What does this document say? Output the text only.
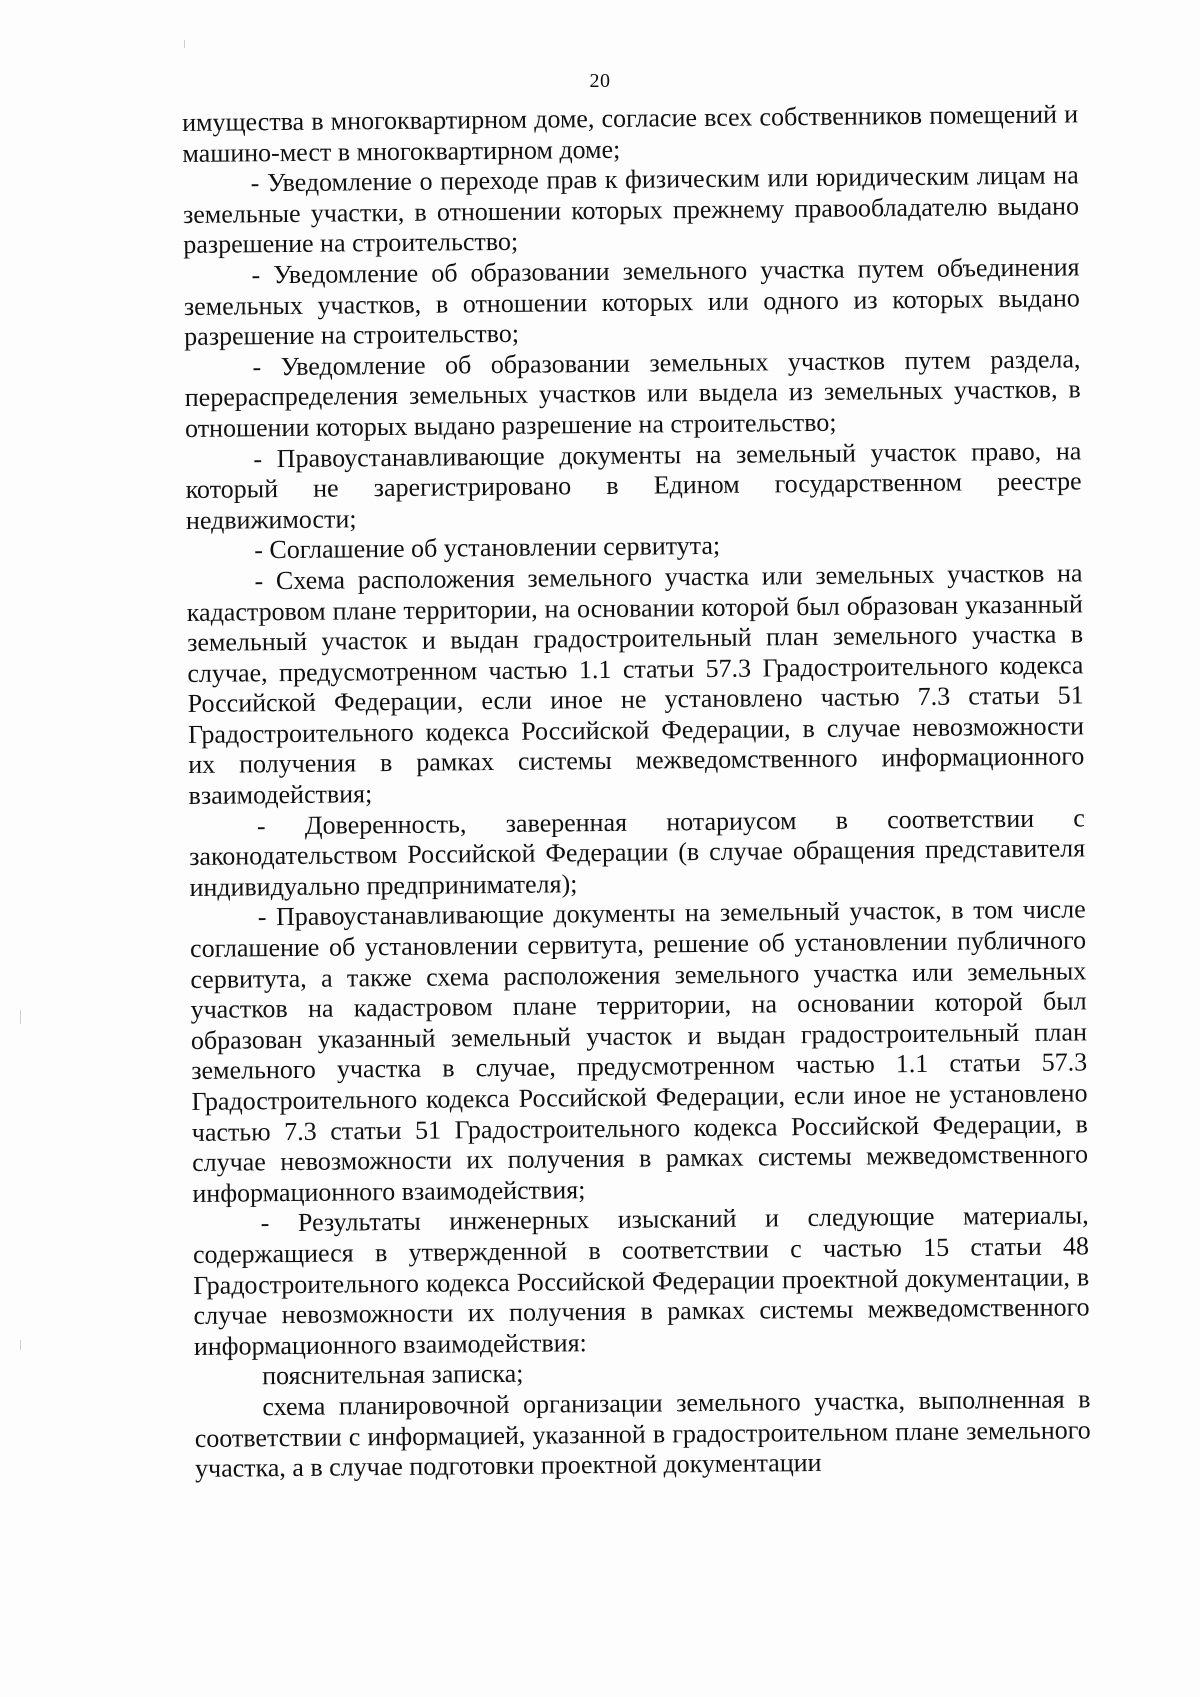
20

имущества в многоквартирном доме, согласие всех собственников помещений и машино-мест в многоквартирном доме;

- Уведомление о переходе прав к физическим или юридическим лицам на земельные участки, в отношении которых прежнему правообладателю выдано разрешение на строительство;

- Уведомление об образовании земельного участка путем объединения земельных участков, в отношении которых или одного из которых выдано разрешение на строительство;

- Уведомление об образовании земельных участков путем раздела, перераспределения земельных участков или выдела из земельных участков, в отношении которых выдано разрешение на строительство;

- Правоустанавливающие документы на земельный участок право, на который не зарегистрировано в Едином государственном реестре недвижимости;

- Соглашение об установлении сервитута;

- Схема расположения земельного участка или земельных участков на кадастровом плане территории, на основании которой был образован указанный земельный участок и выдан градостроительный план земельного участка в случае, предусмотренном частью 1.1 статьи 57.3 Градостроительного кодекса Российской Федерации, если иное не установлено частью 7.3 статьи 51 Градостроительного кодекса Российской Федерации, в случае невозможности их получения в рамках системы межведомственного информационного взаимодействия;

- Доверенность, заверенная нотариусом в соответствии с законодательством Российской Федерации (в случае обращения представителя индивидуально предпринимателя);

- Правоустанавливающие документы на земельный участок, в том числе соглашение об установлении сервитута, решение об установлении публичного сервитута, а также схема расположения земельного участка или земельных участков на кадастровом плане территории, на основании которой был образован указанный земельный участок и выдан градостроительный план земельного участка в случае, предусмотренном частью 1.1 статьи 57.3 Градостроительного кодекса Российской Федерации, если иное не установлено частью 7.3 статьи 51 Градостроительного кодекса Российской Федерации, в случае невозможности их получения в рамках системы межведомственного информационного взаимодействия;

- Результаты инженерных изысканий и следующие материалы, содержащиеся в утвержденной в соответствии с частью 15 статьи 48 Градостроительного кодекса Российской Федерации проектной документации, в случае невозможности их получения в рамках системы межведомственного информационного взаимодействия:

пояснительная записка;

схема планировочной организации земельного участка, выполненная в соответствии с информацией, указанной в градостроительном плане земельного участка, а в случае подготовки проектной документации
